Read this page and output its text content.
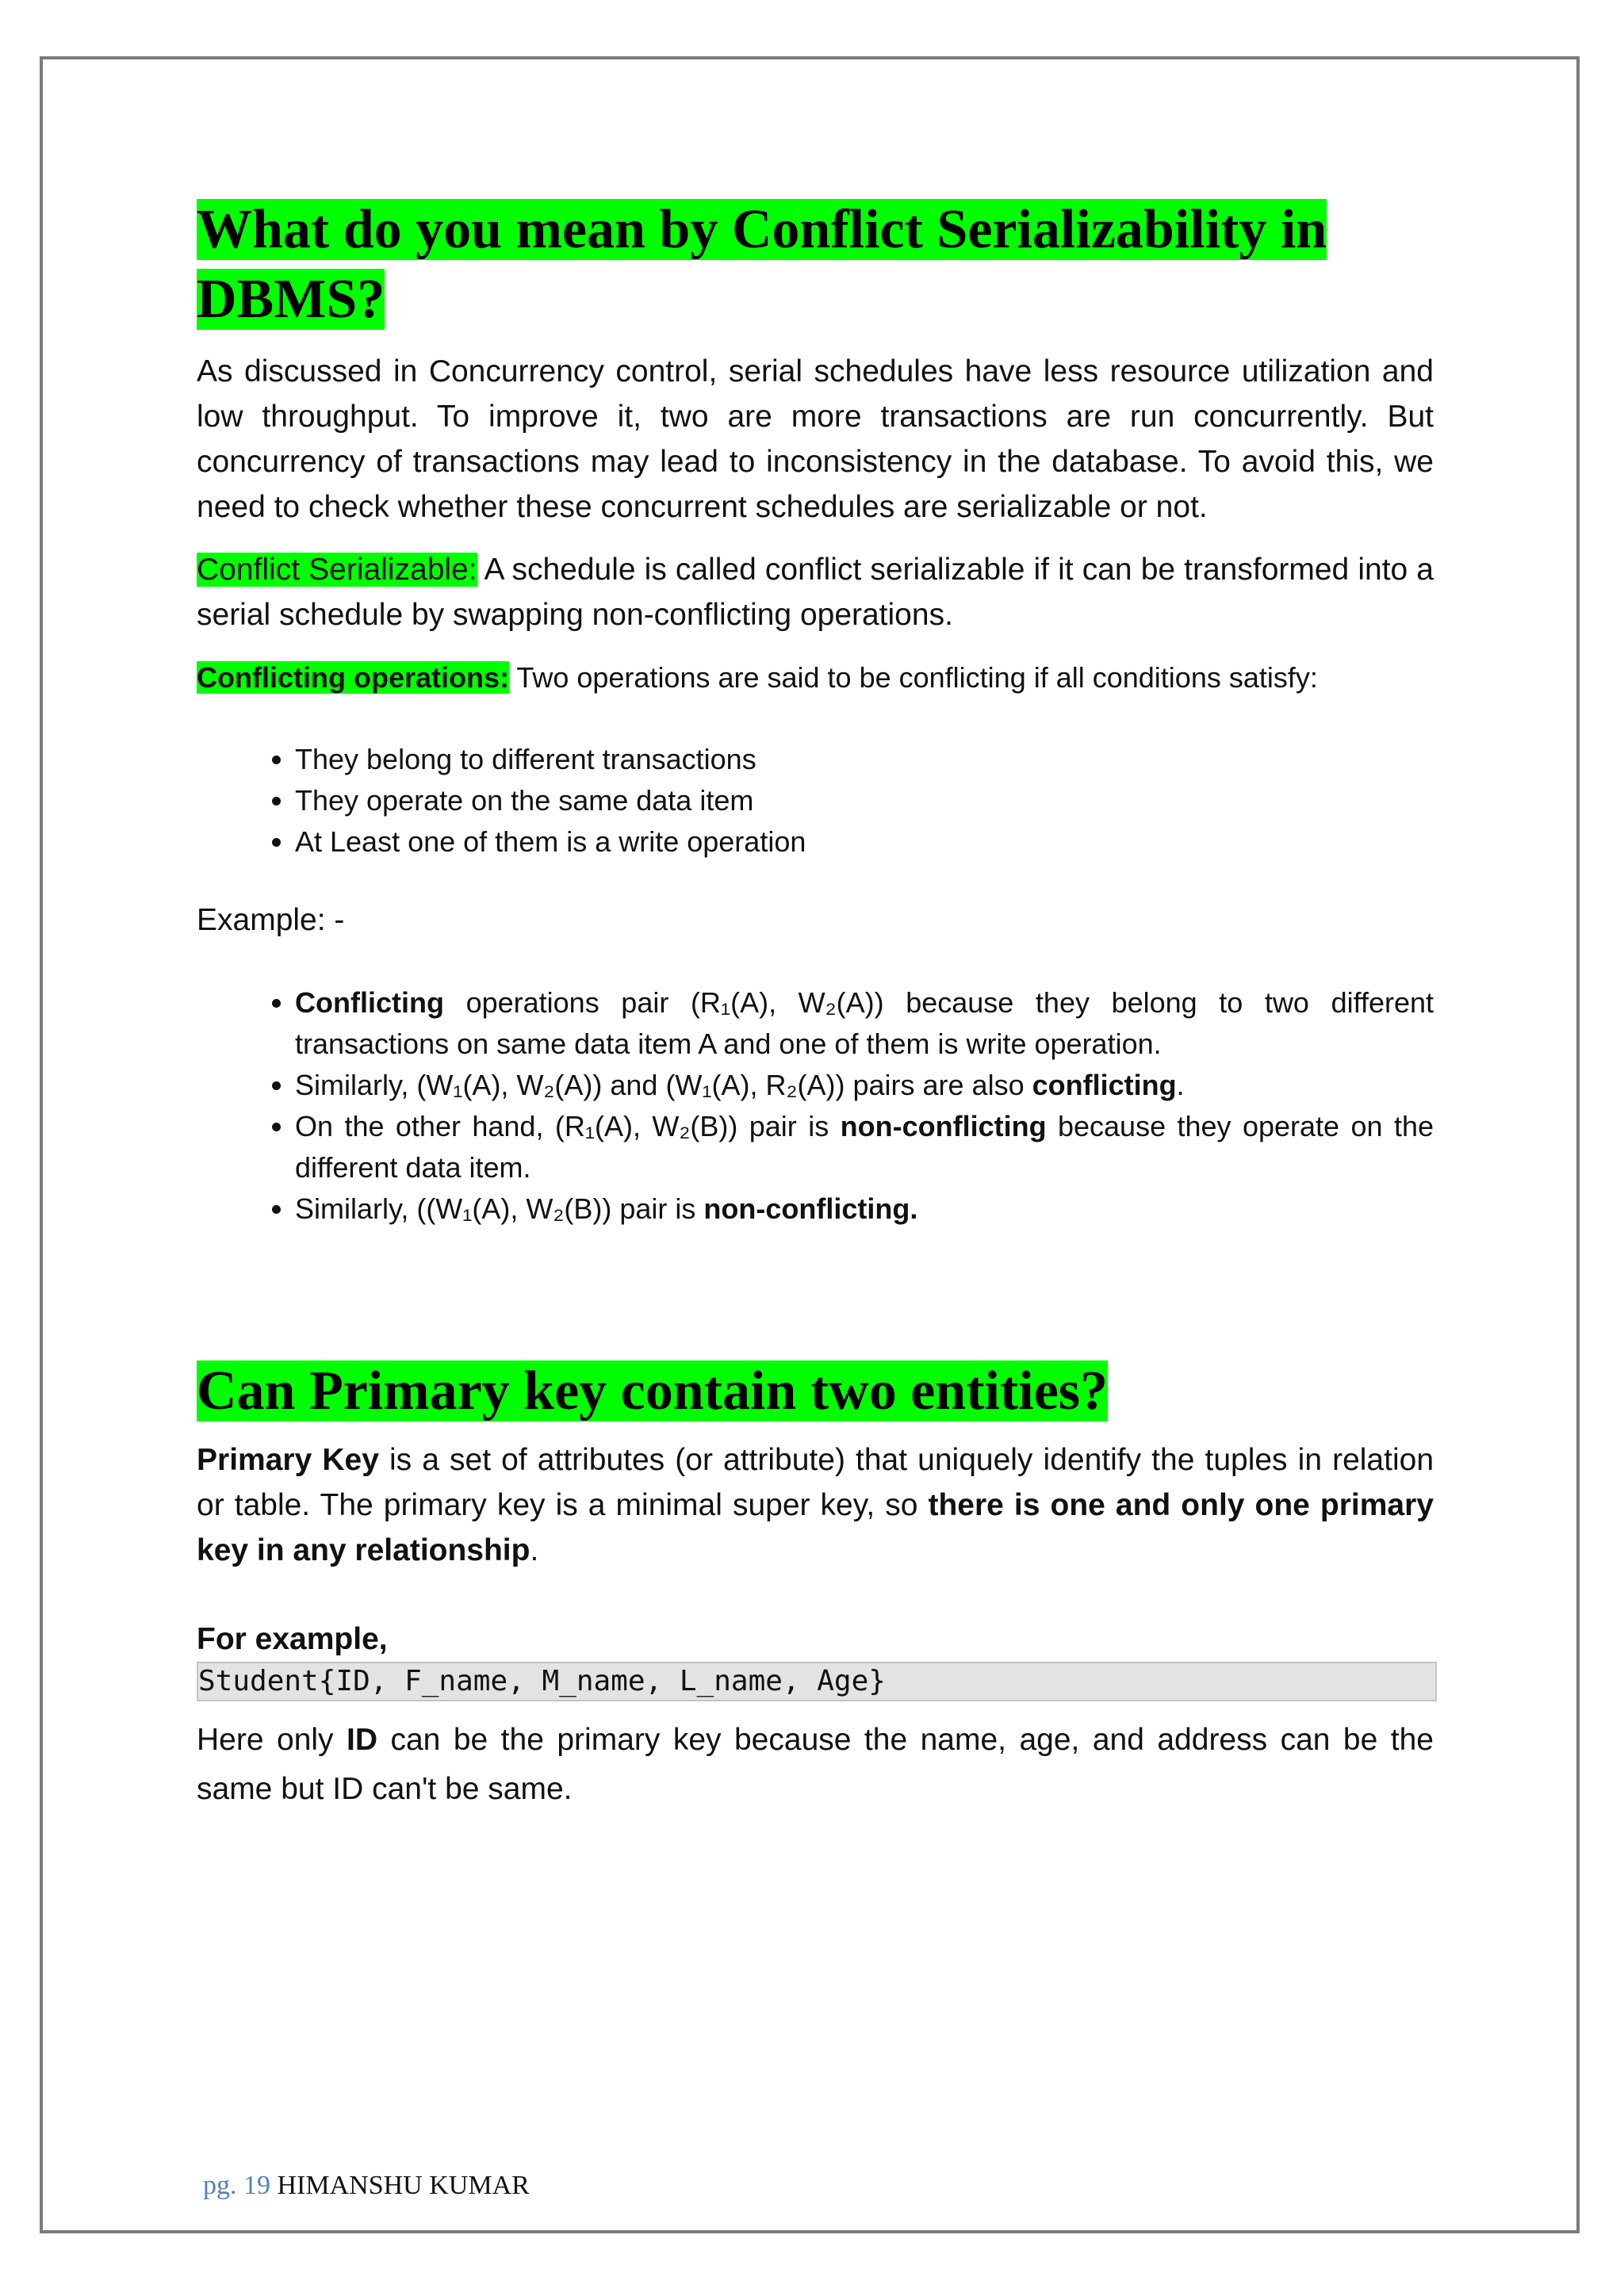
What do you mean by Conflict Serializability in
DBMS?

As discussed in Concurrency control, serial schedules have less resource utilization and low throughput. To improve it, two are more transactions are run concurrently. But concurrency of transactions may lead to inconsistency in the database. To avoid this, we need to check whether these concurrent schedules are serializable or not.

Conflict Serializable: A schedule is called conflict serializable if it can be transformed into a serial schedule by swapping non-conflicting operations.

Conflicting operations: Two operations are said to be conflicting if all conditions satisfy:

• They belong to different transactions
• They operate on the same data item
• At Least one of them is a write operation

Example: -

• Conflicting operations pair (R₁(A), W₂(A)) because they belong to two different transactions on same data item A and one of them is write operation.
• Similarly, (W₁(A), W₂(A)) and (W₁(A), R₂(A)) pairs are also conflicting.
• On the other hand, (R₁(A), W₂(B)) pair is non-conflicting because they operate on the different data item.
• Similarly, ((W₁(A), W₂(B)) pair is non-conflicting.
Can Primary key contain two entities?

Primary Key is a set of attributes (or attribute) that uniquely identify the tuples in relation or table. The primary key is a minimal super key, so there is one and only one primary key in any relationship.

For example,

Student{ID, F_name, M_name, L_name, Age}

Here only ID can be the primary key because the name, age, and address can be the same but ID can't be same.

pg. 19 HIMANSHU KUMAR
